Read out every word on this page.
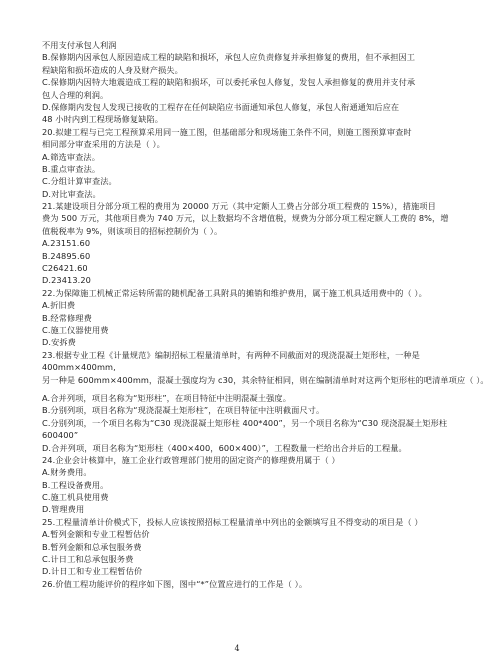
不用支付承包人利润
B.保修期内因承包人原因造成工程的缺陷和损坏，承包人应负责修复并承担修复的费用，但不承担因工
程缺陷和损坏造成的人身及财产损失。
C.保修期内因特大地震造成工程的缺陷和损坏，可以委托承包人修复，发包人承担修复的费用并支付承
包人合理的利润。
D.保修期内发包人发现已接收的工程存在任何缺陷应书面通知承包人修复，承包人衔通通知后应在
48 小时内到工程现场修复缺陷。
20.拟建工程与已完工程预算采用同一施工图，但基础部分和现场施工条件不同，则施工图预算审查时
相同部分审查采用的方法是（ ）。
A.筛选审查法。
B.重点审查法。
C.分组计算审查法。
D.对比审查法。
21.某建设项目分部分项工程的费用为 20000 万元（其中定额人工费占分部分项工程费的 15%），措施项目
费为 500 万元，其他项目费为 740 万元，以上数据均不含增值税，规费为分部分项工程定额人工费的 8%，增
值税税率为 9%，则该项目的招标控制价为（ ）。
A.23151.60
B.24895.60
C26421.60
D.23413.20
22.为保障施工机械正常运转所需的随机配备工具附具的摊销和维护费用，属于施工机具适用费中的（ ）。
A.折旧费
B.经常修理费
C.施工仪器使用费
D.安拆费
23.根据专业工程《计量规范》编制招标工程量清单时，有两种不同截面对的现浇混凝土矩形柱，一种是
400mm×400mm,
另一种是 600mm×400mm，混凝土强度均为 c30，其余特征相同，则在编制清单时对这两个矩形柱的吧清单项应（ ）。
A.合并列项，项目名称为“矩形柱”，在项目特征中注明混凝土强度。
B.分别列项，项目名称为“现浇混凝土矩形柱”，在项目特征中注明截面尺寸。
C.分别列项，一个项目名称为“C30 现浇混凝土矩形柱 400*400”，另一个项目名称为“C30 现浇混凝土矩形柱
600400”
D.合并列项，项目名称为“矩形柱（400×400，600×400）”，工程数量一栏给出合并后的工程量。
24.企业会计核算中，施工企业行政管理部门使用的固定资产的修理费用属于（ ）
A.财务费用。
B.工程设备费用。
C.施工机具使用费
D.管理费用
25.工程量清单计价模式下，投标人应该按照招标工程量清单中列出的金额填写且不得变动的项目是（ ）
A.暂列金额和专业工程暂估价
B.暂列金额和总承包服务费
C.计日工和总承包服务费
D.计日工和专业工程暂估价
26.价值工程功能评价的程序如下图，图中“*”位置应进行的工作是（ ）。
4
